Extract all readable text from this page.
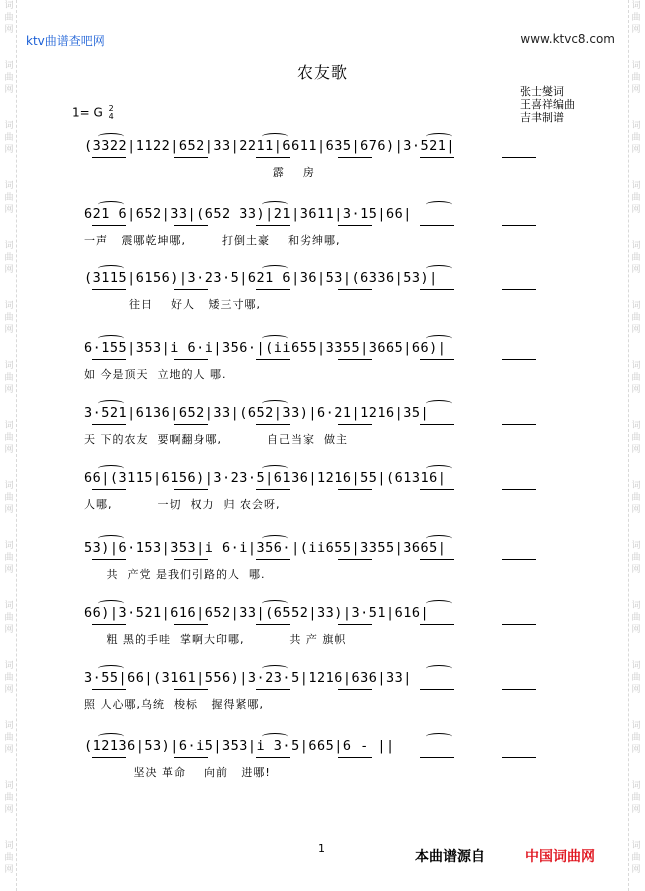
词
曲
网
词
曲
网
词
曲
网
词
曲
网
词
曲
网
词
曲
网
词
曲
网
词
曲
网
词
曲
网
词
曲
网
词
曲
网
词
曲
网
词
曲
网
词
曲
网
词
曲
网
词
曲
网
词
曲
网
词
曲
网
词
曲
网
词
曲
网
词
曲
网
词
曲
网
词
曲
网
词
曲
网
词
曲
网
词
曲
网
词
曲
网
词
曲
网
词
曲
网
词
曲
网
ktv曲谱查吧网	www.ktvc8.com
农友歌
张士燮词
王喜祥编曲
吉聿制谱
1= G 2
4
(3322|1122|652|33|2211|6611|635|676)|3·521|
霹    房
621 6|652|33|(652 33)|21|3611|3·15|66|
一声   震哪乾坤哪,        打倒土豪    和劣绅哪,
(3115|6156)|3·23·5|621 6|36|53|(6336|53)|
往日    好人   矮三寸哪,
6·155|353|i 6·i|356·|(ii655|3355|3665|66)|
如 今是顶天  立地的人 哪.
3·521|6136|652|33|(652|33)|6·21|1216|35|
天 下的农友  要啊翻身哪,          自己当家  做主
66|(3115|6156)|3·23·5|6136|1216|55|(61316|
人哪,          一切  权力  归 农会呀,
53)|6·153|353|i 6·i|356·|(ii655|3355|3665|
共  产党 是我们引路的人  哪.
66)|3·521|616|652|33|(6552|33)|3·51|616|
粗 黑的手哇  掌啊大印哪,          共 产 旗帜
3·55|66|(3161|556)|3·23·5|1216|636|33|
照 人心哪,乌统  梭标   握得紧哪,
(12136|53)|6·i5|353|i 3·5|665|6 - ||
坚决 革命    向前   进哪!
1
本曲谱源自	中国词曲网
